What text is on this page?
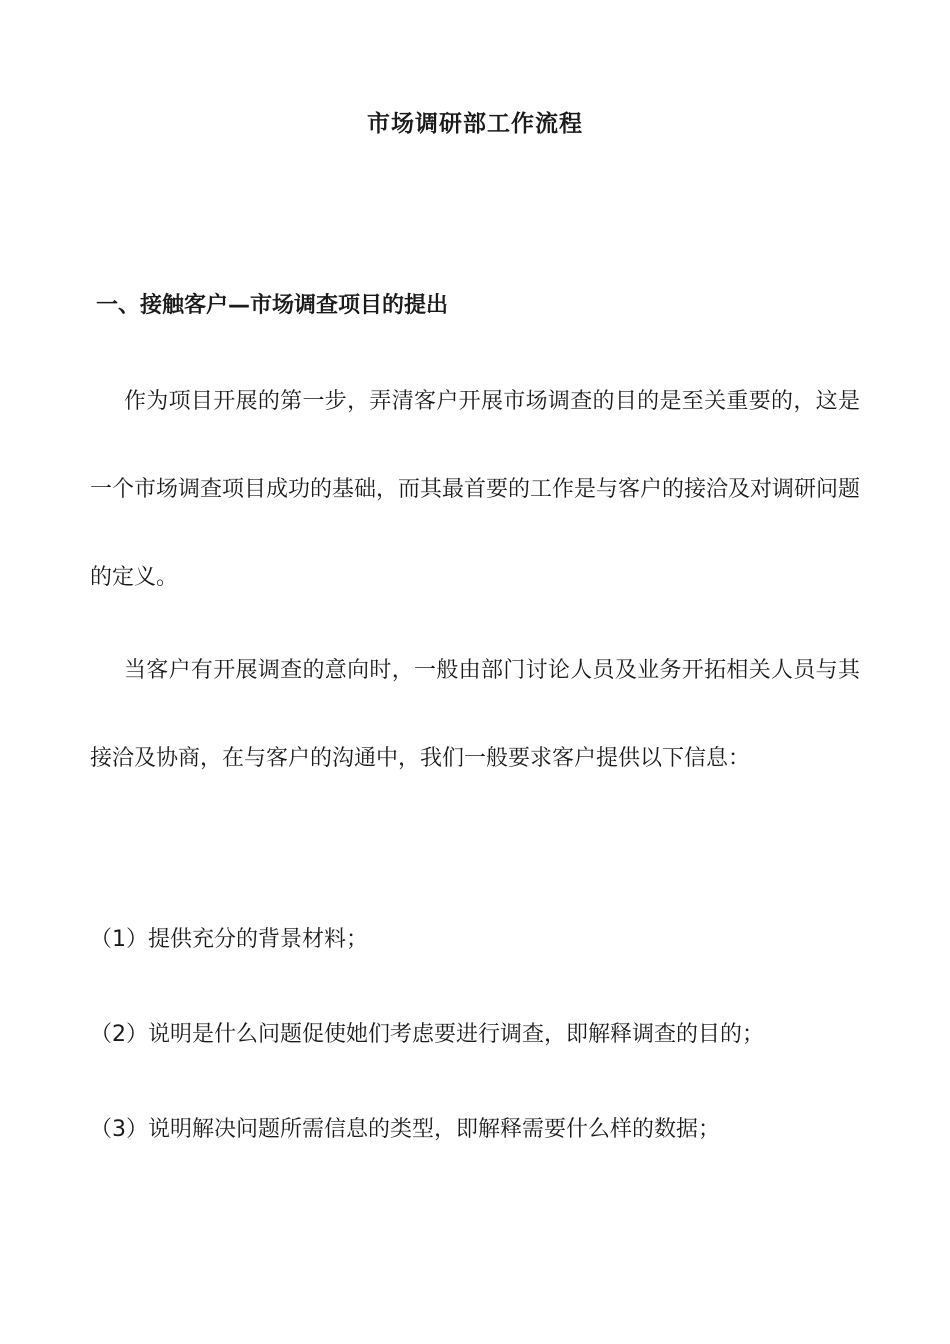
市场调研部工作流程
一、接触客户—市场调查项目的提出

作为项目开展的第一步，弄清客户开展市场调查的目的是至关重要的，这是一个市场调查项目成功的基础，而其最首要的工作是与客户的接洽及对调研问题的定义。

当客户有开展调查的意向时，一般由部门讨论人员及业务开拓相关人员与其接洽及协商，在与客户的沟通中，我们一般要求客户提供以下信息：

（1）提供充分的背景材料；
（2）说明是什么问题促使她们考虑要进行调查，即解释调查的目的；
（3）说明解决问题所需信息的类型，即解释需要什么样的数据；
